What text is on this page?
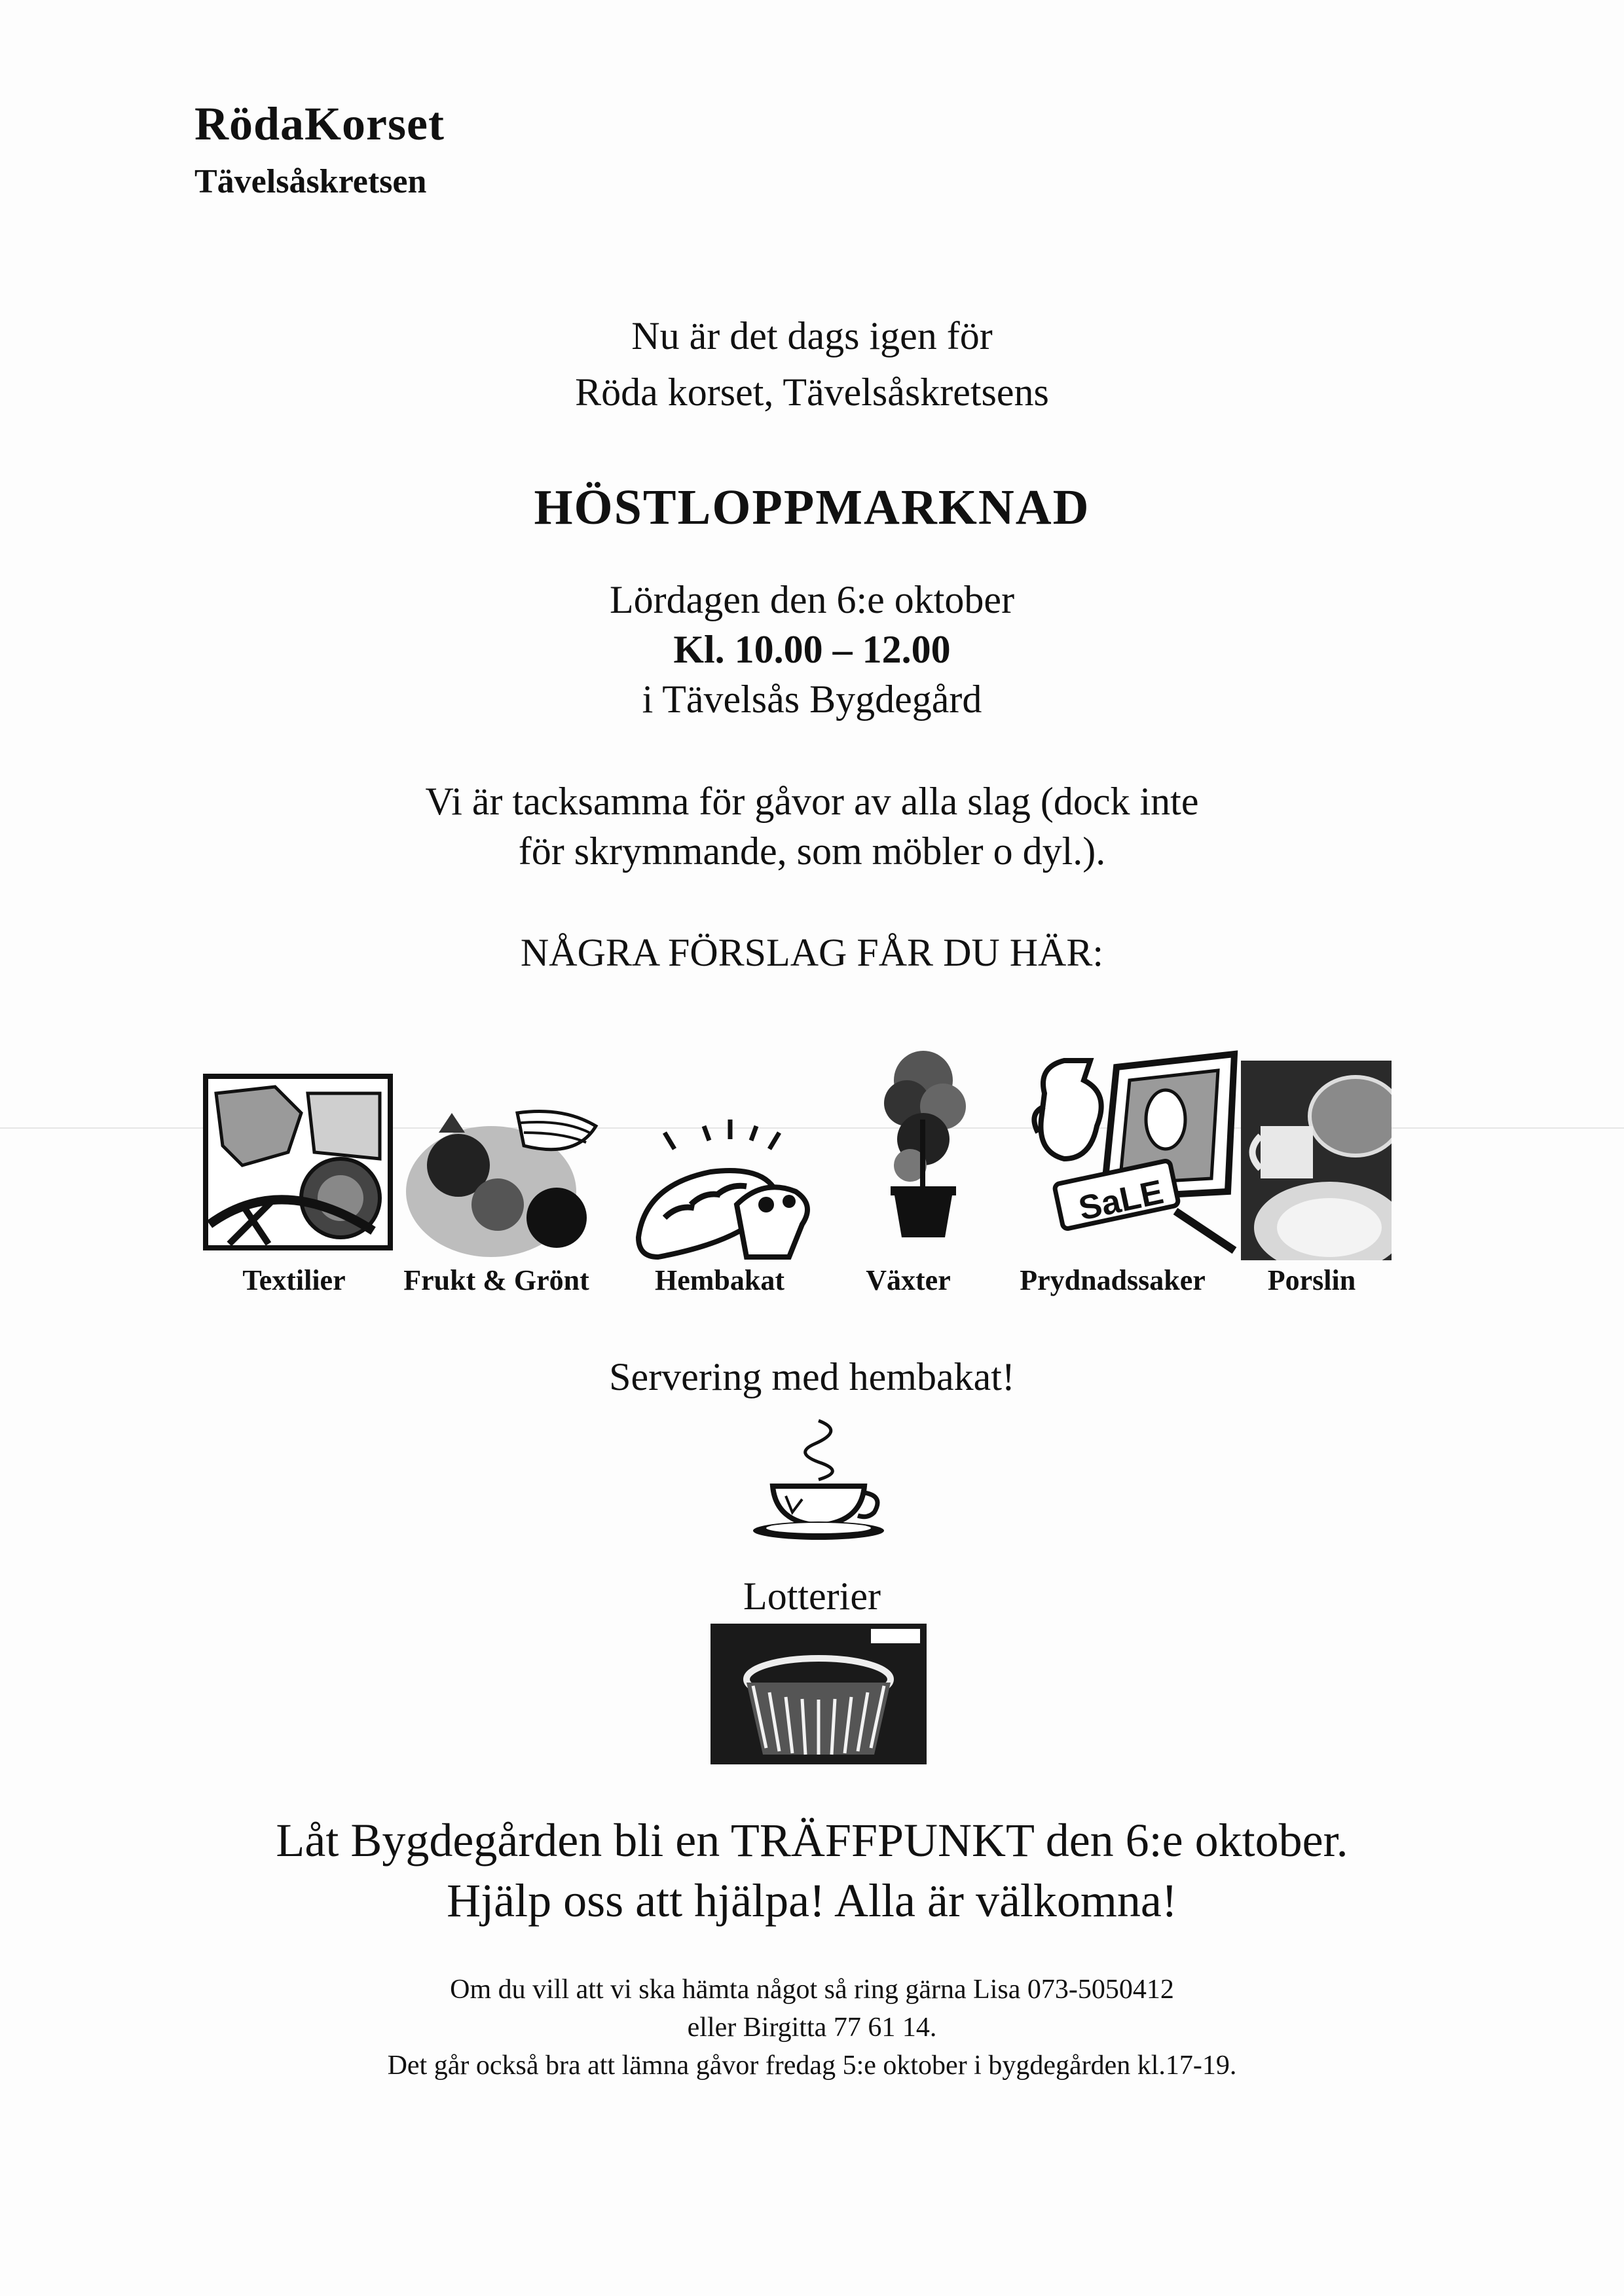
RödaKorset
Tävelsåskretsen
Nu är det dags igen för
Röda korset, Tävelsåskretsens
HÖSTLOPPMARKNAD
Lördagen den 6:e oktober
Kl. 10.00 – 12.00
i Tävelsås Bygdegård
Vi är tacksamma för gåvor av alla slag (dock inte
för skrymmande, som möbler o dyl.).
NÅGRA FÖRSLAG FÅR DU HÄR:
SaLE
Textilier Frukt & Grönt Hembakat	Växter Prydnadssaker Porslin
Servering med hembakat!
Lotterier
Låt Bygdegården bli en TRÄFFPUNKT den 6:e oktober.
Hjälp oss att hjälpa! Alla är välkomna!
Om du vill att vi ska hämta något så ring gärna Lisa 073-5050412
eller Birgitta 77 61 14.
Det går också bra att lämna gåvor fredag 5:e oktober i bygdegården kl.17-19.
